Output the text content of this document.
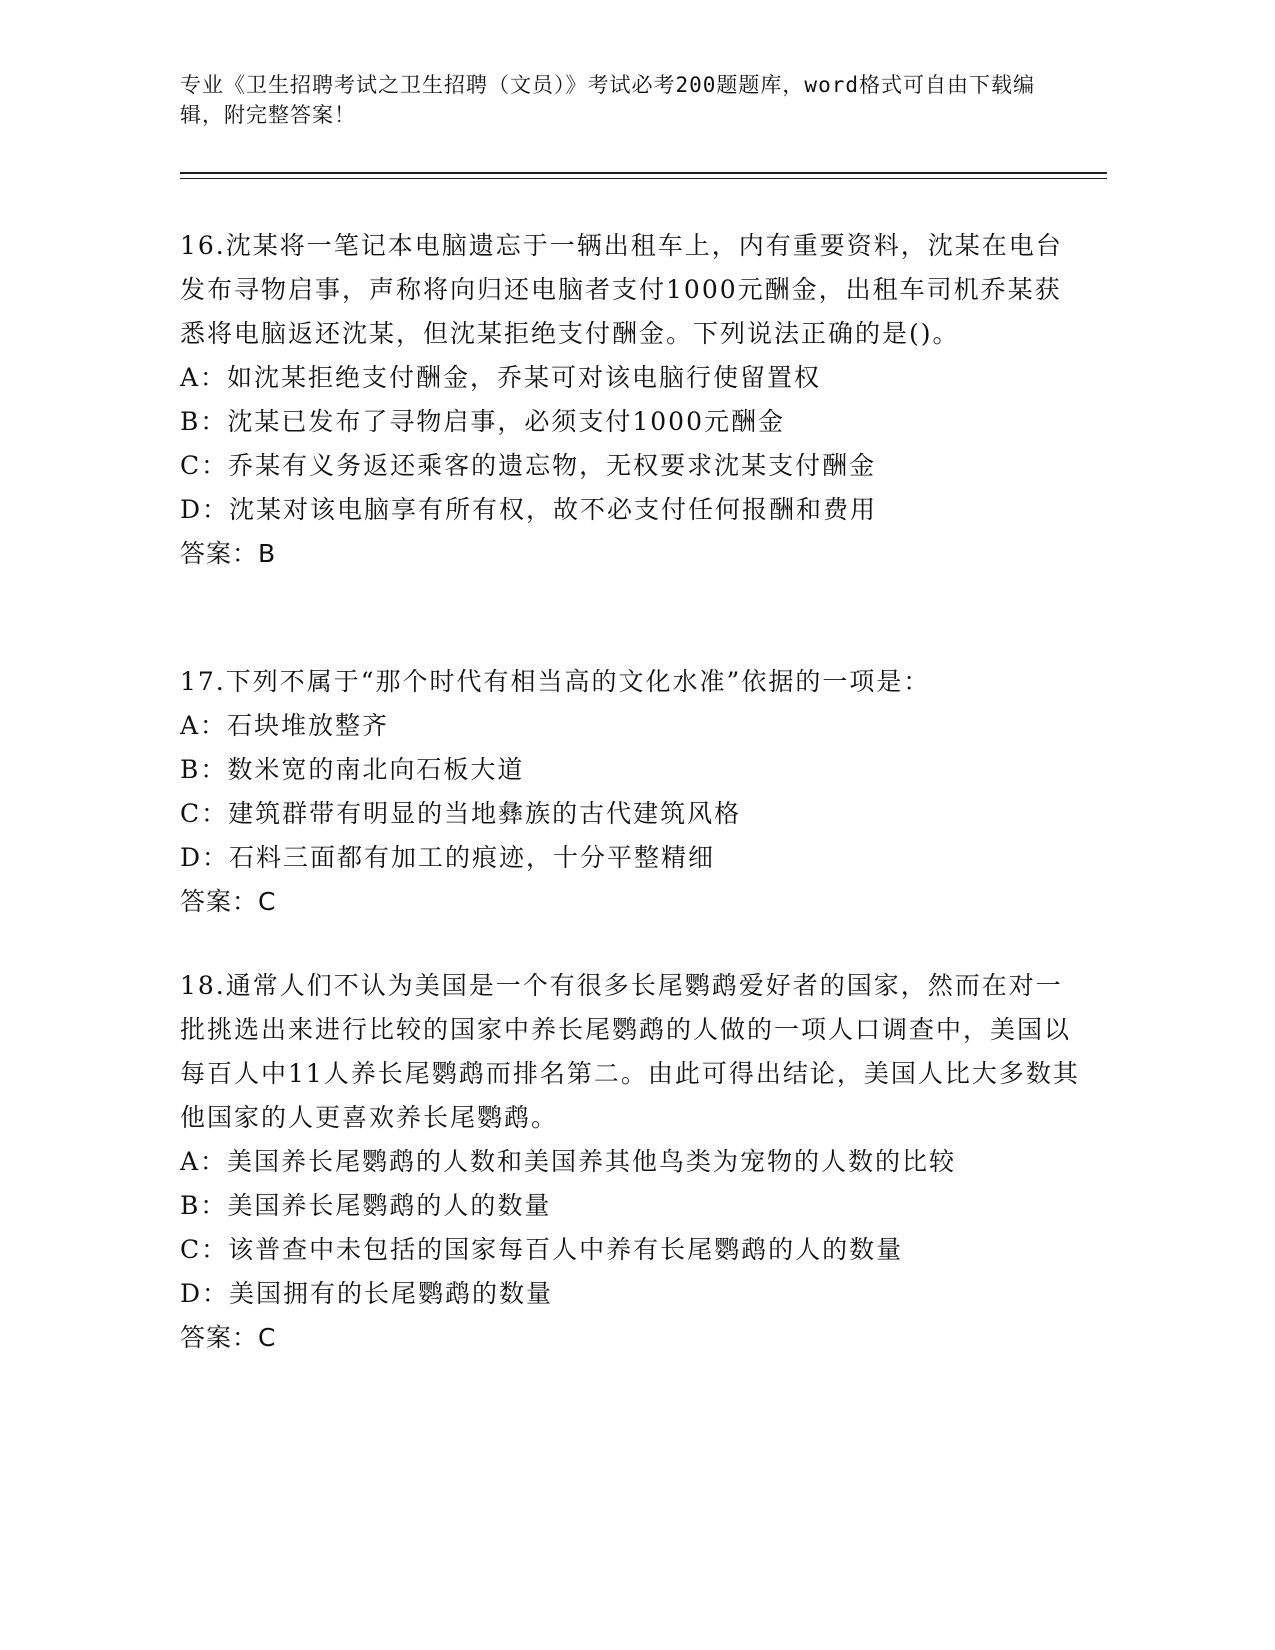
专业《卫生招聘考试之卫生招聘（文员）》考试必考200题题库，word格式可自由下载编辑，附完整答案！

16.沈某将一笔记本电脑遗忘于一辆出租车上，内有重要资料，沈某在电台发布寻物启事，声称将向归还电脑者支付1000元酬金，出租车司机乔某获悉将电脑返还沈某，但沈某拒绝支付酬金。下列说法正确的是()。

A：如沈某拒绝支付酬金，乔某可对该电脑行使留置权
B：沈某已发布了寻物启事，必须支付1000元酬金
C：乔某有义务返还乘客的遗忘物，无权要求沈某支付酬金
D：沈某对该电脑享有所有权，故不必支付任何报酬和费用
答案：B

17.下列不属于“那个时代有相当高的文化水准”依据的一项是：

A：石块堆放整齐
B：数米宽的南北向石板大道
C：建筑群带有明显的当地彝族的古代建筑风格
D：石料三面都有加工的痕迹，十分平整精细
答案：C

18.通常人们不认为美国是一个有很多长尾鹦鹉爱好者的国家，然而在对一批挑选出来进行比较的国家中养长尾鹦鹉的人做的一项人口调查中，美国以每百人中11人养长尾鹦鹉而排名第二。由此可得出结论，美国人比大多数其他国家的人更喜欢养长尾鹦鹉。

A：美国养长尾鹦鹉的人数和美国养其他鸟类为宠物的人数的比较
B：美国养长尾鹦鹉的人的数量
C：该普查中未包括的国家每百人中养有长尾鹦鹉的人的数量
D：美国拥有的长尾鹦鹉的数量
答案：C
